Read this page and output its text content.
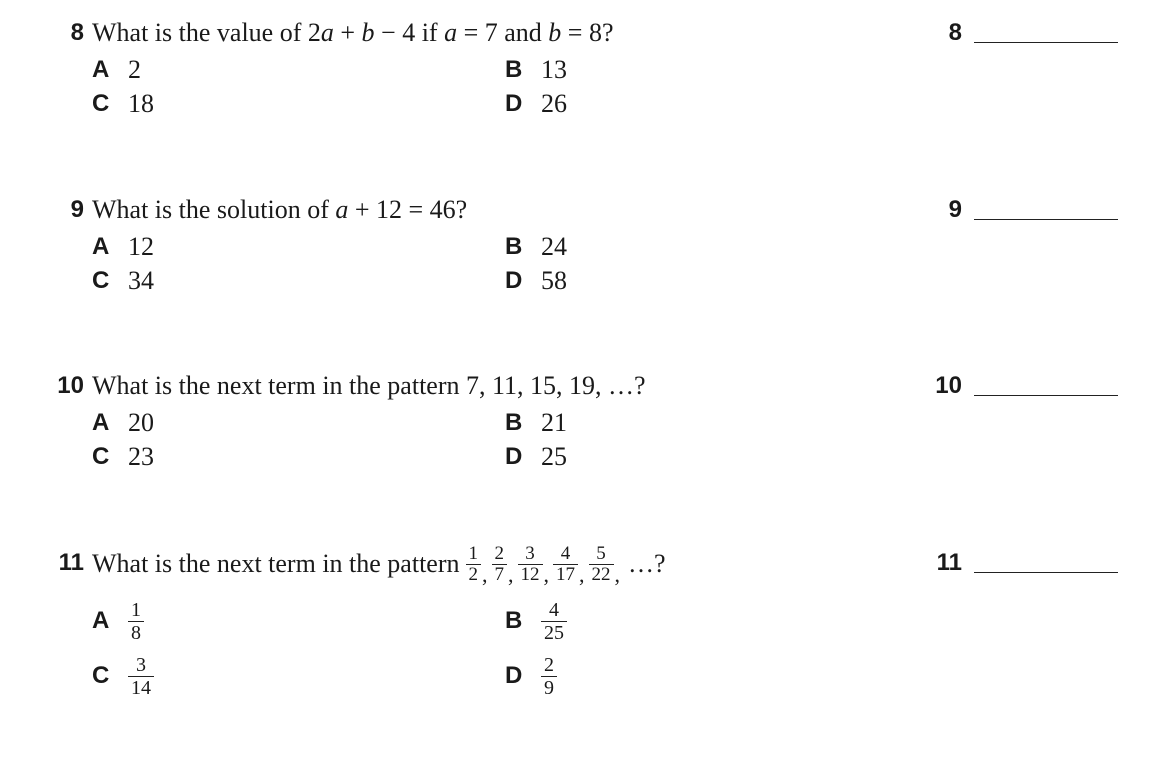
8 What is the value of 2a + b − 4 if a = 7 and b = 8?	8
A 2	B 13
C 18	D 26
9 What is the solution of a + 12 = 46?	9
A 12	B 24
C 34	D 58
10 What is the next term in the pattern 7, 11, 15, 19, …?	10
A 20	B 21
C 23	D 25
11 What is the next term in the pattern $\frac{1}{2}$ , $\frac{2}{7}$ , $\frac{3}{12}$ , $\frac{4}{17}$ , $\frac{5}{22}$ , …?	11
A $\frac{1}{8}$	B $\frac{4}{25}$
C $\frac{3}{14}$	D $\frac{2}{9}$
